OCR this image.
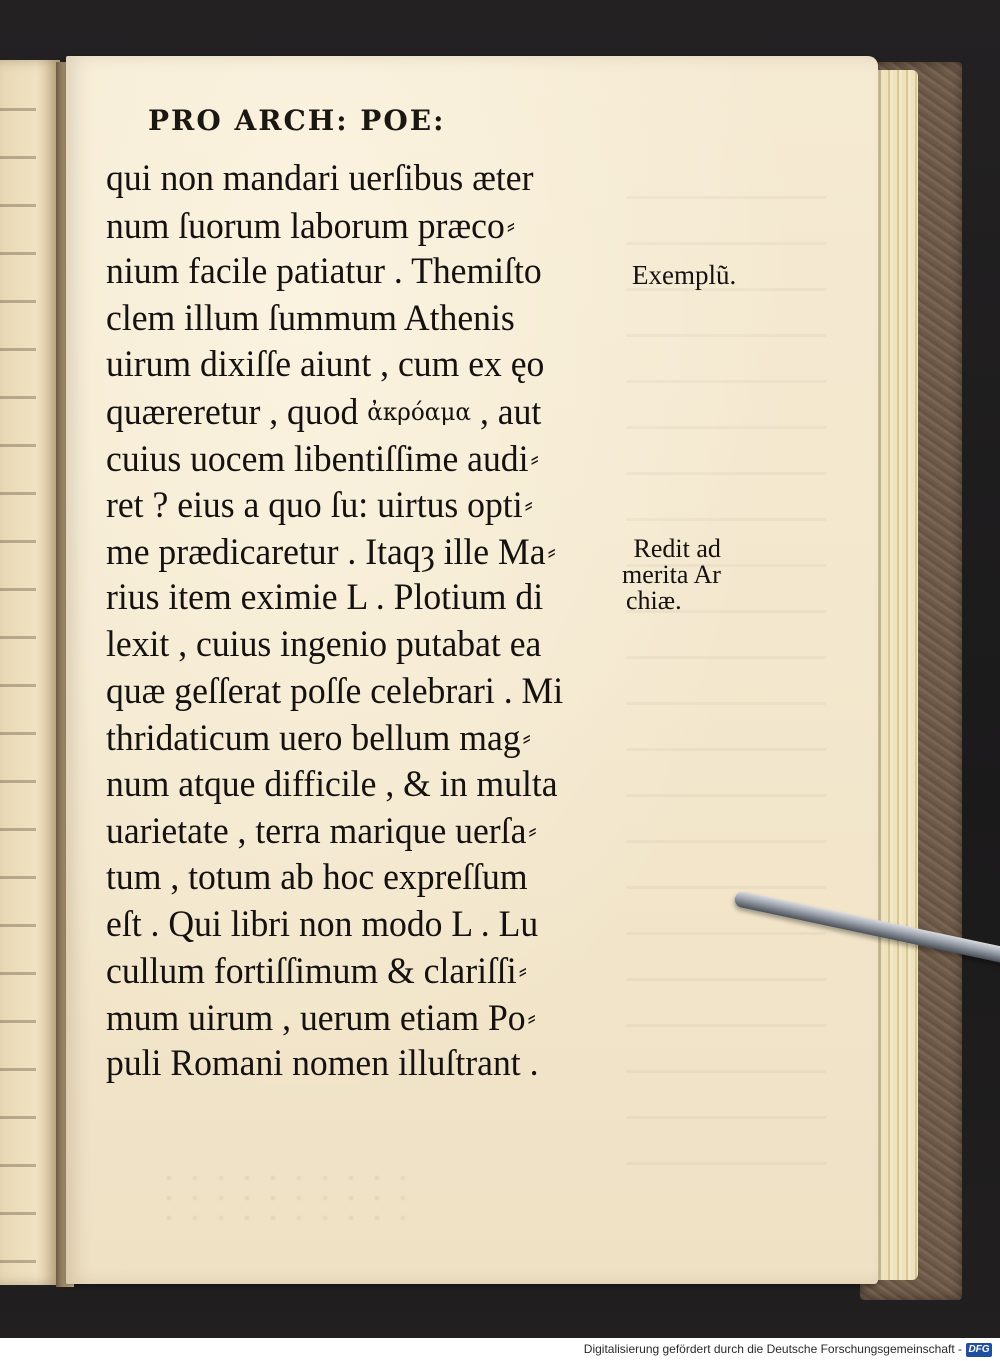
PRO ARCH: POE:
qui non mandari uerſibus æter
num ſuorum laborum præco⸗
nium facile patiatur . Themiſto
clem illum ſummum Athenis
uirum dixiſſe aiunt , cum ex ęo
quæreretur , quod ἀκρόαμα , aut
cuius uocem libentiſſime audi⸗
ret ? eius a quo ſu: uirtus opti⸗
me prædicaretur . Itaqȝ ille Ma⸗
rius item eximie L . Plotium di
lexit , cuius ingenio putabat ea
quæ geſſerat poſſe celebrari . Mi
thridaticum uero bellum mag⸗
num atque difficile , & in multa
uarietate , terra marique uerſa⸗
tum , totum ab hoc expreſſum
eſt . Qui libri non modo L . Lu
cullum fortiſſimum & clariſſi⸗
mum uirum , uerum etiam Po⸗
puli Romani nomen illuſtrant .
Exemplũ.
Redit ad
merita Ar
chiæ.
Digitalisierung gefördert durch die Deutsche Forschungsgemeinschaft - DFG
